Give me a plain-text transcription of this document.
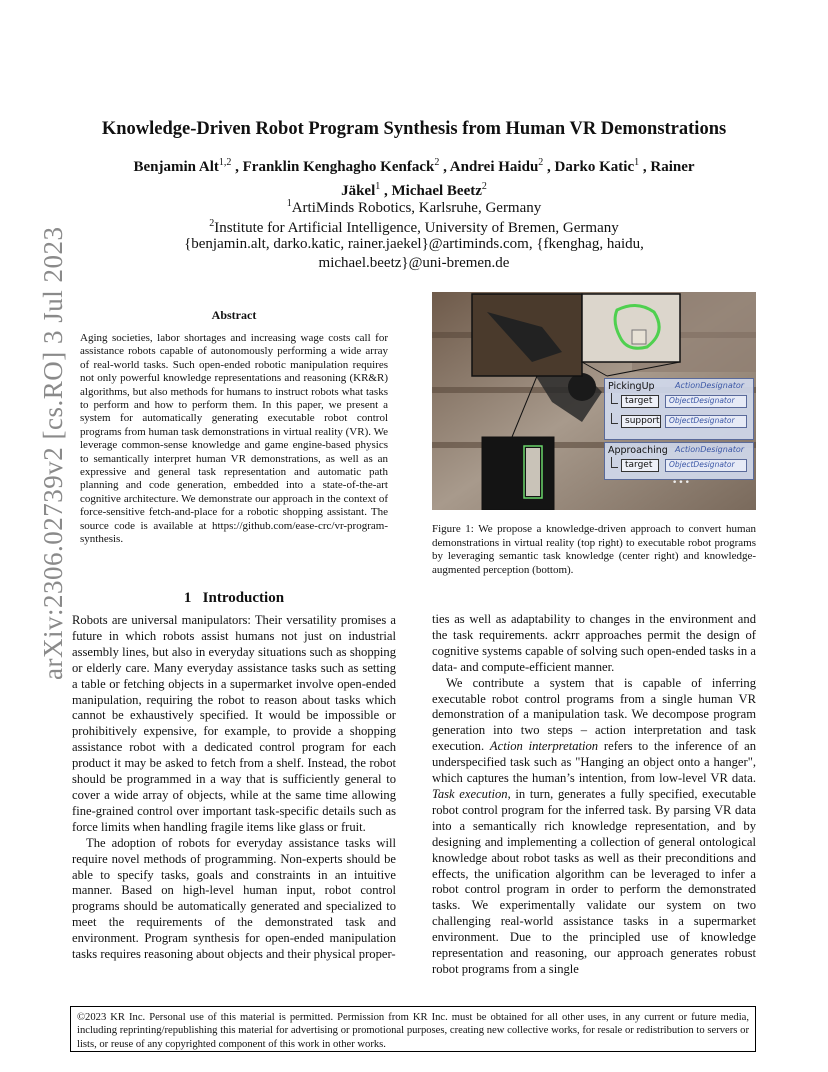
arXiv:2306.02739v2 [cs.RO] 3 Jul 2023
Knowledge-Driven Robot Program Synthesis from Human VR Demonstrations
Benjamin Alt$^{1,2}$ , Franklin Kenghagho Kenfack$^2$ , Andrei Haidu$^2$ , Darko Katic$^1$ , Rainer
Jäkel$^1$ , Michael Beetz$^2$
$^1$ArtiMinds Robotics, Karlsruhe, Germany
$^2$Institute for Artificial Intelligence, University of Bremen, Germany
{benjamin.alt, darko.katic, rainer.jaekel}@artiminds.com, {fkenghag, haidu,
michael.beetz}@uni-bremen.de
Abstract
Aging societies, labor shortages and increasing wage costs call for assistance robots capable of autonomously performing a wide array of real-world tasks. Such open-ended robotic manipulation requires not only powerful knowledge representations and reasoning (KR&R) algorithms, but also methods for humans to instruct robots what tasks to perform and how to perform them. In this paper, we present a system for automatically generating executable robot control programs from human task demonstrations in virtual reality (VR). We leverage common-sense knowledge and game engine-based physics to semantically interpret human VR demonstrations, as well as an expressive and general task representation and automatic path planning and code generation, embedded into a state-of-the-art cognitive architecture. We demonstrate our approach in the context of force-sensitive fetch-and-place for a robotic shopping assistant. The source code is available at https://github.com/ease-crc/vr-program-synthesis.
PickingUp	ActionDesignator
target	ObjectDesignator
support	ObjectDesignator
Approaching ActionDesignator
target	ObjectDesignator
•••
Figure 1: We propose a knowledge-driven approach to convert human demonstrations in virtual reality (top right) to executable robot programs by leveraging semantic task knowledge (center right) and knowledge-augmented perception (bottom).
1 Introduction

Robots are universal manipulators: Their versatility promises a future in which robots assist humans not just on industrial assembly lines, but also in everyday situations such as shopping or elderly care. Many everyday assistance tasks such as setting a table or fetching objects in a supermarket involve open-ended manipulation, requiring the robot to reason about tasks which cannot be exhaustively specified. It would be impossible or prohibitively expensive, for example, to provide a shopping assistance robot with a dedicated control program for each product it may be asked to fetch from a shelf. Instead, the robot should be programmed in a way that is sufficiently general to cover a wide array of objects, while at the same time allowing fine-grained control over important task-specific details such as force limits when handling fragile items like glass or fruit.

The adoption of robots for everyday assistance tasks will require novel methods of programming. Non-experts should be able to specify tasks, goals and constraints in an intuitive manner. Based on high-level human input, robot control programs should be automatically generated and specialized to meet the requirements of the demonstrated task and environment. Program synthesis for open-ended manipulation tasks requires reasoning about objects and their physical proper-

ties as well as adaptability to changes in the environment and the task requirements. ackrr approaches permit the design of cognitive systems capable of solving such open-ended tasks in a data- and compute-efficient manner.

We contribute a system that is capable of inferring executable robot control programs from a single human VR demonstration of a manipulation task. We decompose program generation into two steps – action interpretation and task execution. Action interpretation refers to the inference of an underspecified task such as "Hanging an object onto a hanger", which captures the human’s intention, from low-level VR data. Task execution, in turn, generates a fully specified, executable robot control program for the inferred task. By parsing VR data into a semantically rich knowledge representation, and by designing and implementing a collection of general ontological knowledge about robot tasks as well as their preconditions and effects, the unification algorithm can be leveraged to infer a robot control program in order to perform the demonstrated tasks. We experimentally validate our system on two challenging real-world assistance tasks in a supermarket environment. Due to the principled use of knowledge representation and reasoning, our approach generates robust robot programs from a single

©2023 KR Inc. Personal use of this material is permitted. Permission from KR Inc. must be obtained for all other uses, in any current or future media, including reprinting/republishing this material for advertising or promotional purposes, creating new collective works, for resale or redistribution to servers or lists, or reuse of any copyrighted component of this work in other works.
